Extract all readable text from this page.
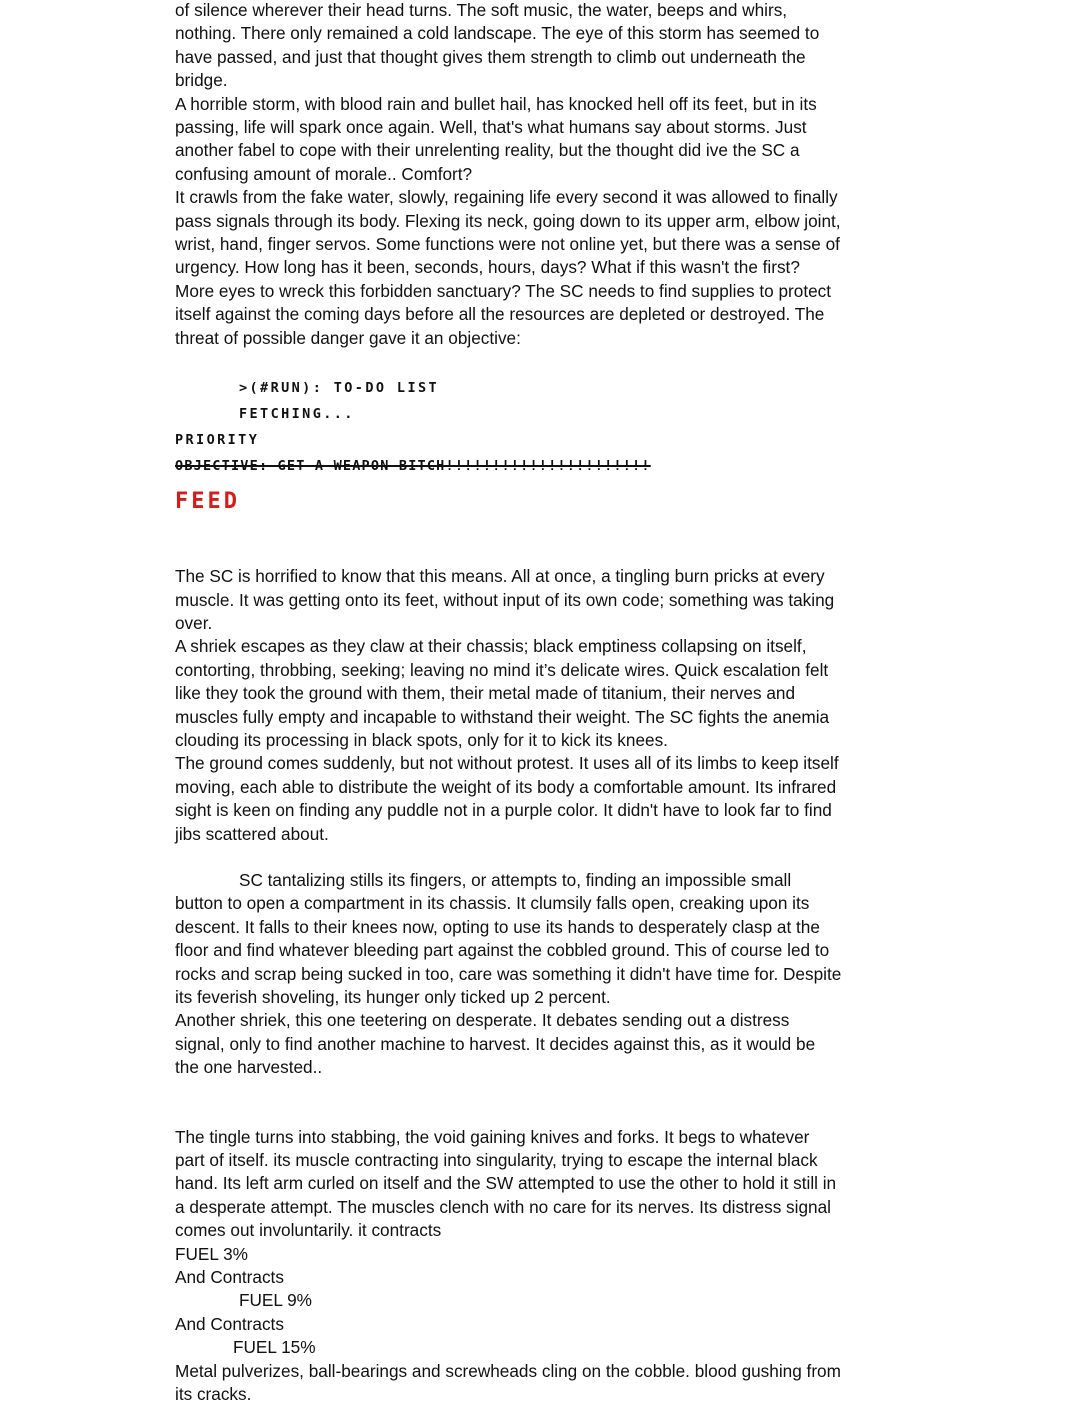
of silence wherever their head turns. The soft music, the water, beeps and whirs, nothing. There only remained a cold landscape. The eye of this storm has seemed to have passed, and just that thought gives them strength to climb out underneath the bridge.

A horrible storm, with blood rain and bullet hail, has knocked hell off its feet, but in its passing, life will spark once again. Well, that's what humans say about storms. Just another fabel to cope with their unrelenting reality, but the thought did ive the SC a confusing amount of morale.. Comfort?

It crawls from the fake water, slowly, regaining life every second it was allowed to finally pass signals through its body. Flexing its neck, going down to its upper arm, elbow joint, wrist, hand, finger servos. Some functions were not online yet, but there was a sense of urgency. How long has it been, seconds, hours, days? What if this wasn't the first? More eyes to wreck this forbidden sanctuary? The SC needs to find supplies to protect itself against the coming days before all the resources are depleted or destroyed. The threat of possible danger gave it an objective:

>(#RUN): TO-DO LIST
FETCHING...
PRIORITY
OBJECTIVE: GET A WEAPON BITCH!!!!!!!!!!!!!!!!!!!!!!
FEED

The SC is horrified to know that this means. All at once, a tingling burn pricks at every muscle. It was getting onto its feet, without input of its own code; something was taking over.

A shriek escapes as they claw at their chassis; black emptiness collapsing on itself, contorting, throbbing, seeking; leaving no mind it’s delicate wires. Quick escalation felt like they took the ground with them, their metal made of titanium, their nerves and muscles fully empty and incapable to withstand their weight. The SC fights the anemia clouding its processing in black spots, only for it to kick its knees.

The ground comes suddenly, but not without protest. It uses all of its limbs to keep itself moving, each able to distribute the weight of its body a comfortable amount. Its infrared sight is keen on finding any puddle not in a purple color. It didn't have to look far to find jibs scattered about.

SC tantalizing stills its fingers, or attempts to, finding an impossible small button to open a compartment in its chassis. It clumsily falls open, creaking upon its descent. It falls to their knees now, opting to use its hands to desperately clasp at the floor and find whatever bleeding part against the cobbled ground. This of course led to rocks and scrap being sucked in too, care was something it didn't have time for. Despite its feverish shoveling, its hunger only ticked up 2 percent.

Another shriek, this one teetering on desperate. It debates sending out a distress signal, only to find another machine to harvest. It decides against this, as it would be the one harvested..

The tingle turns into stabbing, the void gaining knives and forks. It begs to whatever part of itself. its muscle contracting into singularity, trying to escape the internal black hand. Its left arm curled on itself and the SW attempted to use the other to hold it still in a desperate attempt. The muscles clench with no care for its nerves. Its distress signal comes out involuntarily. it contracts

FUEL 3%
And Contracts
FUEL 9%
And Contracts
FUEL 15%

Metal pulverizes, ball-bearings and screwheads cling on the cobble. blood gushing from its cracks.
